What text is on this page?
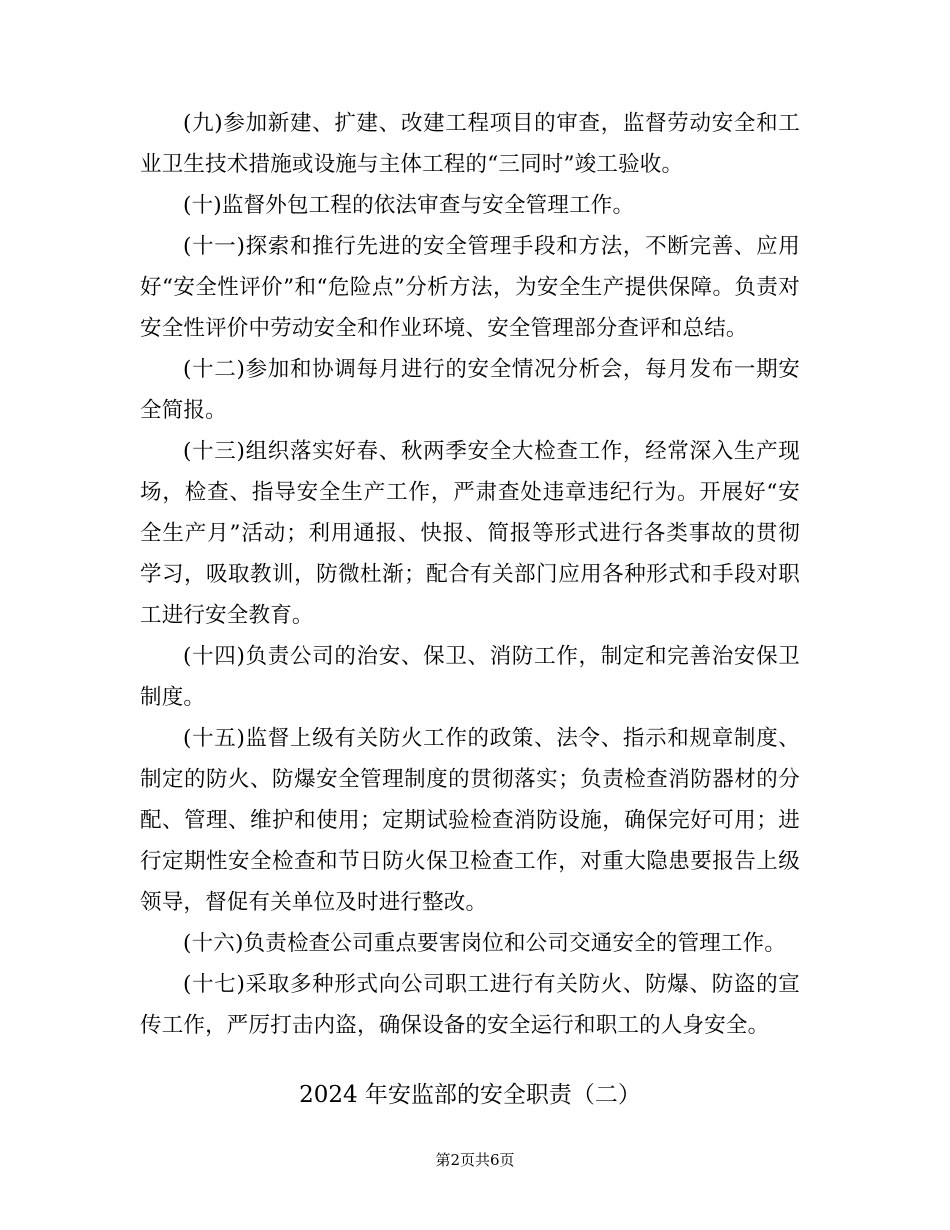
(九)参加新建、扩建、改建工程项目的审查，监督劳动安全和工业卫生技术措施或设施与主体工程的“三同时”竣工验收。

(十)监督外包工程的依法审查与安全管理工作。

(十一)探索和推行先进的安全管理手段和方法，不断完善、应用好“安全性评价”和“危险点”分析方法，为安全生产提供保障。负责对安全性评价中劳动安全和作业环境、安全管理部分查评和总结。

(十二)参加和协调每月进行的安全情况分析会，每月发布一期安全简报。

(十三)组织落实好春、秋两季安全大检查工作，经常深入生产现场，检查、指导安全生产工作，严肃查处违章违纪行为。开展好“安全生产月”活动；利用通报、快报、简报等形式进行各类事故的贯彻学习，吸取教训，防微杜渐；配合有关部门应用各种形式和手段对职工进行安全教育。

(十四)负责公司的治安、保卫、消防工作，制定和完善治安保卫制度。

(十五)监督上级有关防火工作的政策、法令、指示和规章制度、制定的防火、防爆安全管理制度的贯彻落实；负责检查消防器材的分配、管理、维护和使用；定期试验检查消防设施，确保完好可用；进行定期性安全检查和节日防火保卫检查工作，对重大隐患要报告上级领导，督促有关单位及时进行整改。

(十六)负责检查公司重点要害岗位和公司交通安全的管理工作。

(十七)采取多种形式向公司职工进行有关防火、防爆、防盗的宣传工作，严厉打击内盗，确保设备的安全运行和职工的人身安全。

2024 年安监部的安全职责（二）
第2页共6页
